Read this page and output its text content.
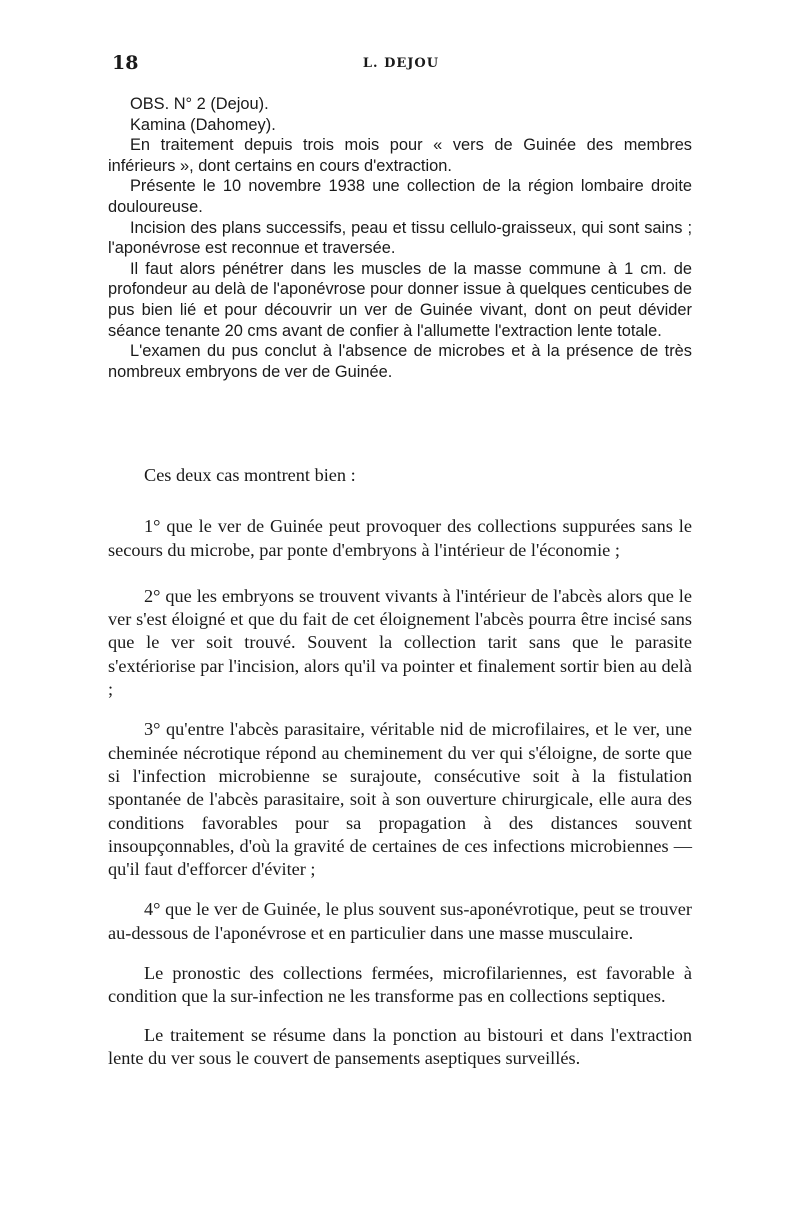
18	L. DEJOU

OBS. N° 2 (Dejou).

Kamina (Dahomey).

En traitement depuis trois mois pour « vers de Guinée des membres inférieurs », dont certains en cours d'extraction.

Présente le 10 novembre 1938 une collection de la région lombaire droite douloureuse.

Incision des plans successifs, peau et tissu cellulo-graisseux, qui sont sains ; l'aponévrose est reconnue et traversée.

Il faut alors pénétrer dans les muscles de la masse commune à 1 cm. de profondeur au delà de l'aponévrose pour donner issue à quelques centicubes de pus bien lié et pour découvrir un ver de Guinée vivant, dont on peut dévider séance tenante 20 cms avant de confier à l'allumette l'extraction lente totale.

L'examen du pus conclut à l'absence de microbes et à la présence de très nombreux embryons de ver de Guinée.

Ces deux cas montrent bien :

1° que le ver de Guinée peut provoquer des collections suppurées sans le secours du microbe, par ponte d'embryons à l'intérieur de l'économie ;

2° que les embryons se trouvent vivants à l'intérieur de l'abcès alors que le ver s'est éloigné et que du fait de cet éloignement l'abcès pourra être incisé sans que le ver soit trouvé. Souvent la collection tarit sans que le parasite s'extériorise par l'incision, alors qu'il va pointer et finalement sortir bien au delà ;

3° qu'entre l'abcès parasitaire, véritable nid de microfilaires, et le ver, une cheminée nécrotique répond au cheminement du ver qui s'éloigne, de sorte que si l'infection microbienne se surajoute, consécutive soit à la fistulation spontanée de l'abcès parasitaire, soit à son ouverture chirurgicale, elle aura des conditions favorables pour sa propagation à des distances souvent insoupçonnables, d'où la gravité de certaines de ces infections microbiennes — qu'il faut d'efforcer d'éviter ;

4° que le ver de Guinée, le plus souvent sus-aponévrotique, peut se trouver au-dessous de l'aponévrose et en particulier dans une masse musculaire.

Le pronostic des collections fermées, microfilariennes, est favorable à condition que la sur-infection ne les transforme pas en collections septiques.

Le traitement se résume dans la ponction au bistouri et dans l'extraction lente du ver sous le couvert de pansements aseptiques surveillés.
